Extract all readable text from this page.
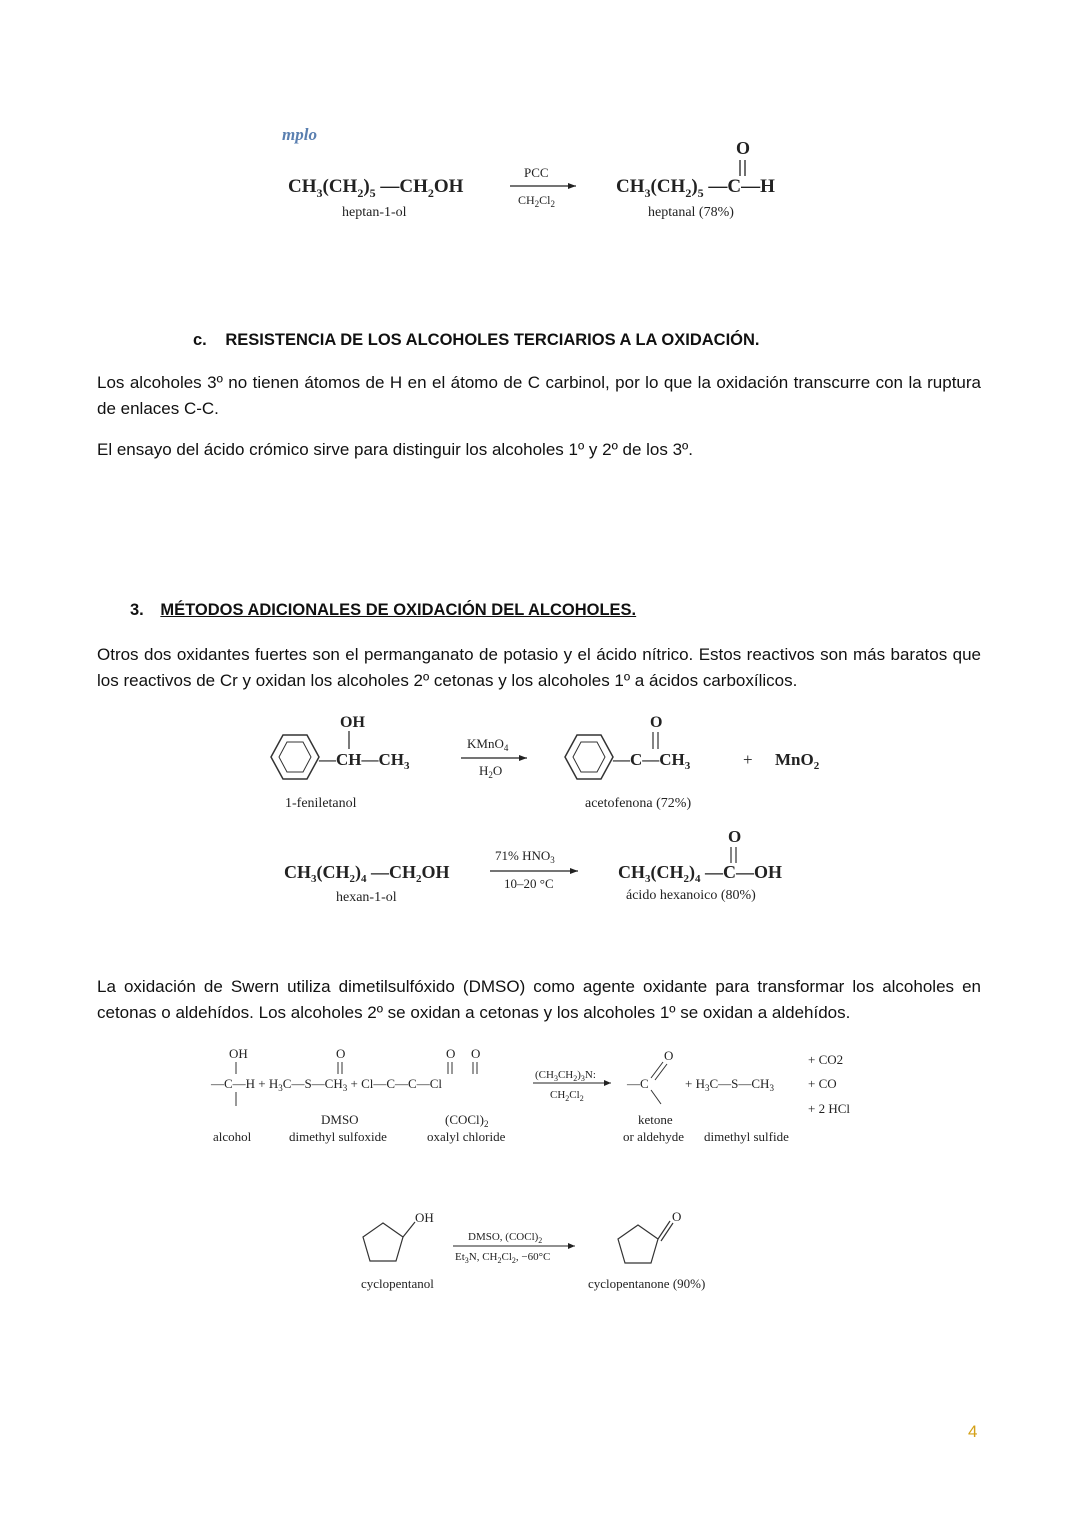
mplo
$CH_3(CH_2)_5$ $—CH_2OH$
heptan-1-ol
PCC
$CH_2Cl_2$
$CH_3(CH_2)_5$ —C—H
O
heptanal (78%)
c. RESISTENCIA DE LOS ALCOHOLES TERCIARIOS A LA OXIDACIÓN.

Los alcoholes 3º no tienen átomos de H en el átomo de C carbinol, por lo que la oxidación transcurre con la ruptura de enlaces C-C.

El ensayo del ácido crómico sirve para distinguir los alcoholes 1º y 2º de los 3º.

3. MÉTODOS ADICIONALES DE OXIDACIÓN DEL ALCOHOLES.

Otros dos oxidantes fuertes son el permanganato de potasio y el ácido nítrico. Estos reactivos son más baratos que los reactivos de Cr y oxidan los alcoholes 2º cetonas y los alcoholes 1º a ácidos carboxílicos.

$—CH—CH_3$
OH
1-feniletanol
KMnO$_4$
$H_2O$
$—C—CH_3$
O
+ MnO$_2$
acetofenona (72%)
$CH_3(CH_2)_4$ $—CH_2OH$
hexan-1-ol
71% $HNO_3$
10–20 °C
$CH_3(CH_2)_4$ —C—OH
O
ácido hexanoico (80%)

La oxidación de Swern utiliza dimetilsulfóxido (DMSO) como agente oxidante para transformar los alcoholes en cetonas o aldehídos. Los alcoholes 2º se oxidan a cetonas y los alcoholes 1º se oxidan a aldehídos.

OH
—C—H + $H_3C—S—CH_3$ + Cl—C—C—Cl
O	O O
DMSO	$(COCl)_2$
alcohol	dimethyl sulfoxide	oxalyl chloride
$(CH_3CH_2)_3N$:
$CH_2Cl_2$
—C
O
+ $H_3C—S—CH_3$
ketone
or aldehyde dimethyl sulfide
+ CO2
+ CO
+ 2 HCl
OH
cyclopentanol
DMSO, $(COCl)_2$
$Et_3N$, $CH_2Cl_2$, −60°C
O
cyclopentanone (90%)
4
